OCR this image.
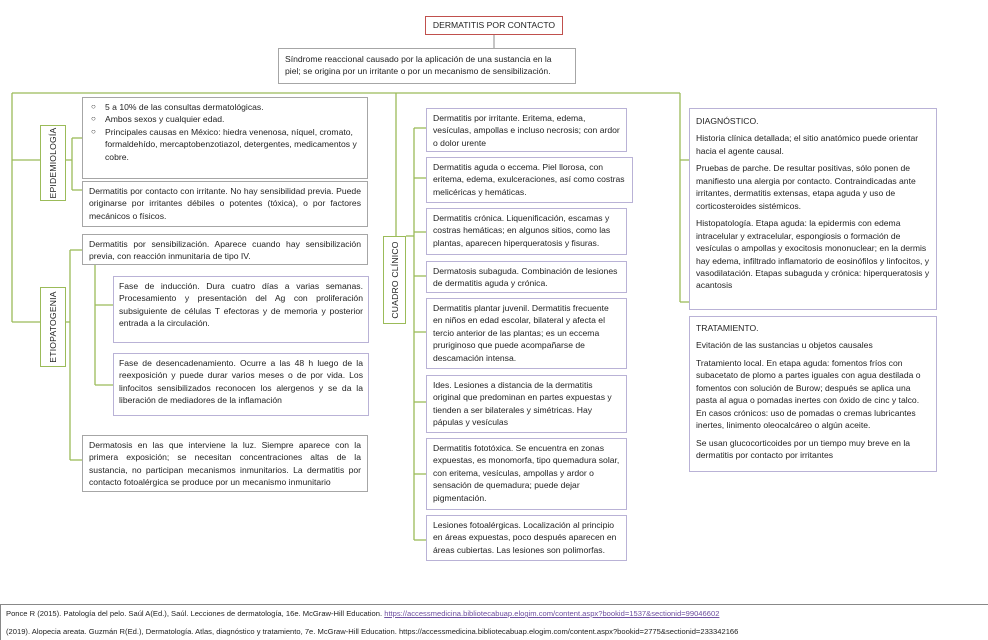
DERMATITIS POR CONTACTO
Síndrome reaccional causado por la aplicación de una sustancia en la piel; se origina por un irritante o por un mecanismo de sensibilización.
EPIDEMIOLOGÍA
○ 5 a 10% de las consultas dermatológicas.
○ Ambos sexos y cualquier edad.
○ Principales causas en México: hiedra venenosa, níquel, cromato, formaldehído, mercaptobenzotiazol, detergentes, medicamentos y cobre.
Dermatitis por contacto con irritante. No hay sensibilidad previa. Puede originarse por irritantes débiles o potentes (tóxica), o por factores mecánicos o físicos.
ETIOPATOGENIA
Dermatitis por sensibilización. Aparece cuando hay sensibilización previa, con reacción inmunitaria de tipo IV.
Fase de inducción. Dura cuatro días a varias semanas. Procesamiento y presentación del Ag con proliferación subsiguiente de células T efectoras y de memoria y posterior entrada a la circulación.
Fase de desencadenamiento. Ocurre a las 48 h luego de la reexposición y puede durar varios meses o de por vida. Los linfocitos sensibilizados reconocen los alergenos y se da la liberación de mediadores de la inflamación
Dermatosis en las que interviene la luz. Siempre aparece con la primera exposición; se necesitan concentraciones altas de la sustancia, no participan mecanismos inmunitarios. La dermatitis por contacto fotoalérgica se produce por un mecanismo inmunitario
CUADRO CLÍNICO
Dermatitis por irritante. Eritema, edema, vesículas, ampollas e incluso necrosis; con ardor o dolor urente
Dermatitis aguda o eccema. Piel llorosa, con eritema, edema, exulceraciones, así como costras melicéricas y hemáticas.
Dermatitis crónica. Liquenificación, escamas y costras hemáticas; en algunos sitios, como las plantas, aparecen hiperqueratosis y fisuras.
Dermatosis subaguda. Combinación de lesiones de dermatitis aguda y crónica.
Dermatitis plantar juvenil. Dermatitis frecuente en niños en edad escolar, bilateral y afecta el tercio anterior de las plantas; es un eccema pruriginoso que puede acompañarse de descamación intensa.
Ides. Lesiones a distancia de la dermatitis original que predominan en partes expuestas y tienden a ser bilaterales y simétricas. Hay pápulas y vesículas
Dermatitis fototóxica. Se encuentra en zonas expuestas, es monomorfa, tipo quemadura solar, con eritema, vesículas, ampollas y ardor o sensación de quemadura; puede dejar pigmentación.
Lesiones fotoalérgicas. Localización al principio en áreas expuestas, poco después aparecen en áreas cubiertas. Las lesiones son polimorfas.

DIAGNÓSTICO.

Historia clínica detallada; el sitio anatómico puede orientar hacia el agente causal.

Pruebas de parche. De resultar positivas, sólo ponen de manifiesto una alergia por contacto. Contraindicadas ante irritantes, dermatitis extensas, etapa aguda y uso de corticosteroides sistémicos.

Histopatología. Etapa aguda: la epidermis con edema intracelular y extracelular, espongiosis o formación de vesículas o ampollas y exocitosis mononuclear; en la dermis hay edema, infiltrado inflamatorio de eosinófilos y linfocitos, y vasodilatación. Etapas subaguda y crónica: hiperqueratosis y acantosis

TRATAMIENTO.

Evitación de las sustancias u objetos causales

Tratamiento local. En etapa aguda: fomentos fríos con subacetato de plomo a partes iguales con agua destilada o fomentos con solución de Burow; después se aplica una pasta al agua o pomadas inertes con óxido de cinc y talco. En casos crónicos: uso de pomadas o cremas lubricantes inertes, linimento oleocalcáreo o algún aceite.

Se usan glucocorticoides por un tiempo muy breve en la dermatitis por contacto por irritantes

Ponce R (2015). Patología del pelo. Saúl A(Ed.), Saúl. Lecciones de dermatología, 16e. McGraw-Hill Education. https://accessmedicina.bibliotecabuap.elogim.com/content.aspx?bookid=1537&sectionid=99046602
(2019). Alopecia areata. Guzmán R(Ed.), Dermatología. Atlas, diagnóstico y tratamiento, 7e. McGraw-Hill Education. https://accessmedicina.bibliotecabuap.elogim.com/content.aspx?bookid=2775&sectionid=233342166
